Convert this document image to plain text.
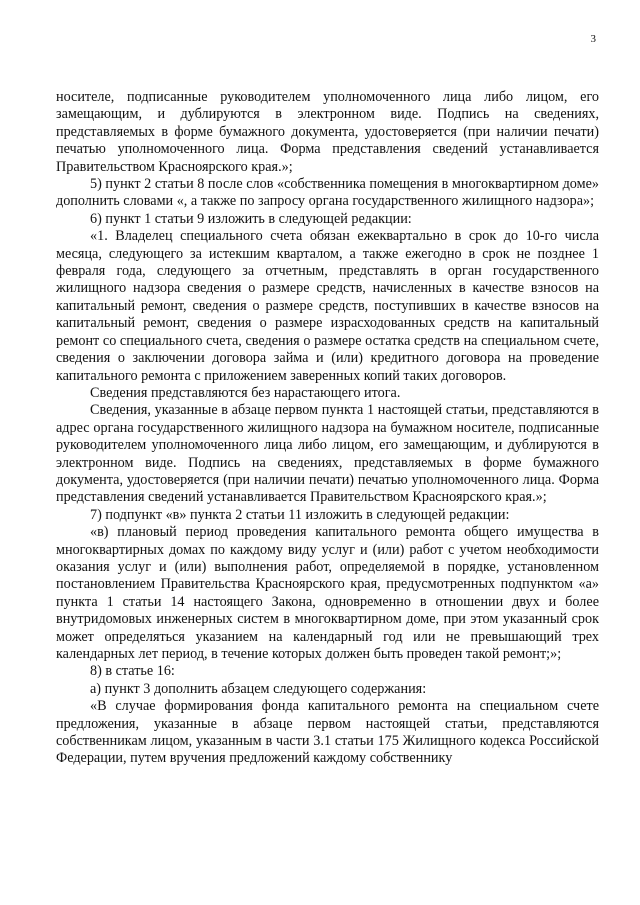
3

носителе, подписанные руководителем уполномоченного лица либо лицом, его замещающим, и дублируются в электронном виде. Подпись на сведениях, представляемых в форме бумажного документа, удостоверяется (при наличии печати) печатью уполномоченного лица. Форма представления сведений устанавливается Правительством Красноярского края.»;

5) пункт 2 статьи 8 после слов «собственника помещения в многоквартирном доме» дополнить словами «, а также по запросу органа государственного жилищного надзора»;

6) пункт 1 статьи 9 изложить в следующей редакции:

«1. Владелец специального счета обязан ежеквартально в срок до 10-го числа месяца, следующего за истекшим кварталом, а также ежегодно в срок не позднее 1 февраля года, следующего за отчетным, представлять в орган государственного жилищного надзора сведения о размере средств, начисленных в качестве взносов на капитальный ремонт, сведения о размере средств, поступивших в качестве взносов на капитальный ремонт, сведения о размере израсходованных средств на капитальный ремонт со специального счета, сведения о размере остатка средств на специальном счете, сведения о заключении договора займа и (или) кредитного договора на проведение капитального ремонта с приложением заверенных копий таких договоров.

Сведения представляются без нарастающего итога.

Сведения, указанные в абзаце первом пункта 1 настоящей статьи, представляются в адрес органа государственного жилищного надзора на бумажном носителе, подписанные руководителем уполномоченного лица либо лицом, его замещающим, и дублируются в электронном виде. Подпись на сведениях, представляемых в форме бумажного документа, удостоверяется (при наличии печати) печатью уполномоченного лица. Форма представления сведений устанавливается Правительством Красноярского края.»;

7) подпункт «в» пункта 2 статьи 11 изложить в следующей редакции:

«в) плановый период проведения капитального ремонта общего имущества в многоквартирных домах по каждому виду услуг и (или) работ с учетом необходимости оказания услуг и (или) выполнения работ, определяемой в порядке, установленном постановлением Правительства Красноярского края, предусмотренных подпунктом «а» пункта 1 статьи 14 настоящего Закона, одновременно в отношении двух и более внутридомовых инженерных систем в многоквартирном доме, при этом указанный срок может определяться указанием на календарный год или не превышающий трех календарных лет период, в течение которых должен быть проведен такой ремонт;»;

8) в статье 16:

а) пункт 3 дополнить абзацем следующего содержания:

«В случае формирования фонда капитального ремонта на специальном счете предложения, указанные в абзаце первом настоящей статьи, представляются собственникам лицом, указанным в части 3.1 статьи 175 Жилищного кодекса Российской Федерации, путем вручения предложений каждому собственнику
